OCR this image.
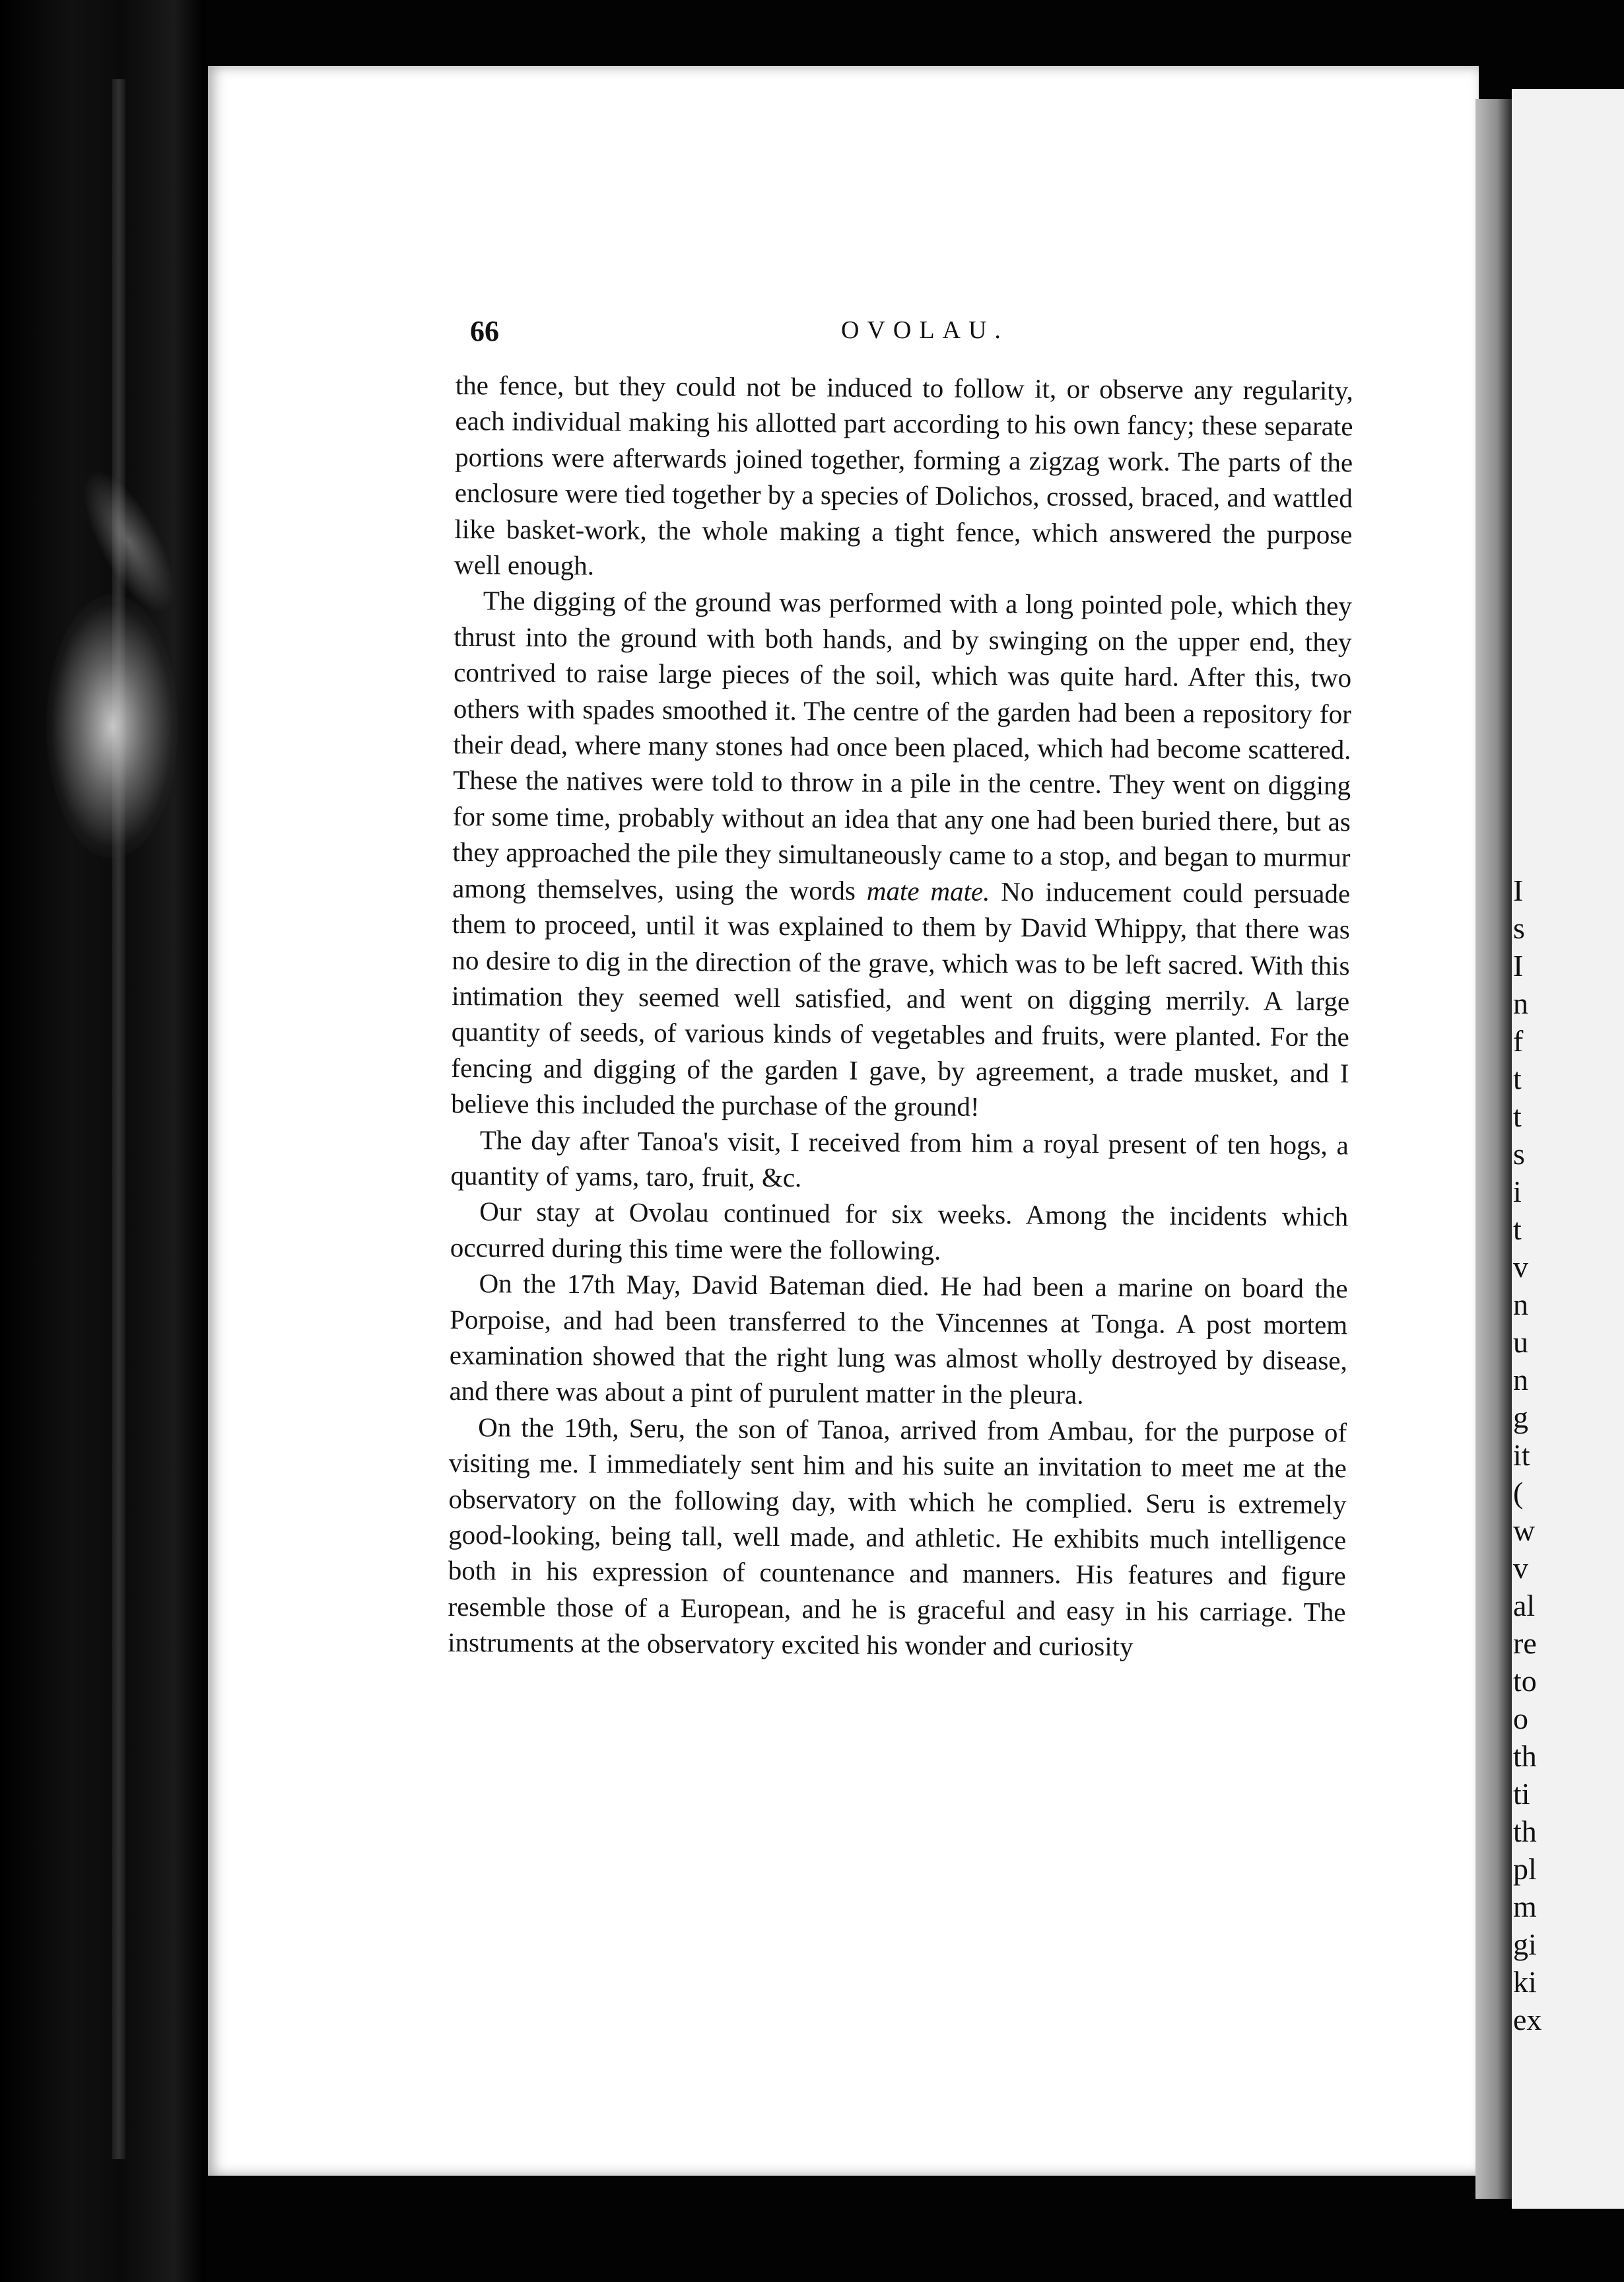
I
s
I
n
f
t
t
s
i
t
v
n
u
n
g
it
(
w
v
al
re
to
o
th
ti
th
pl
m
gi
ki
ex
66	OVOLAU.

the fence, but they could not be induced to follow it, or observe any regularity, each individual making his allotted part according to his own fancy; these separate portions were afterwards joined together, forming a zigzag work. The parts of the enclosure were tied together by a species of Dolichos, crossed, braced, and wattled like basket-work, the whole making a tight fence, which answered the purpose well enough.

The digging of the ground was performed with a long pointed pole, which they thrust into the ground with both hands, and by swinging on the upper end, they contrived to raise large pieces of the soil, which was quite hard. After this, two others with spades smoothed it. The centre of the garden had been a repository for their dead, where many stones had once been placed, which had become scattered. These the natives were told to throw in a pile in the centre. They went on digging for some time, probably without an idea that any one had been buried there, but as they approached the pile they simultaneously came to a stop, and began to murmur among themselves, using the words mate mate. No inducement could persuade them to proceed, until it was explained to them by David Whippy, that there was no desire to dig in the direction of the grave, which was to be left sacred. With this intimation they seemed well satisfied, and went on digging merrily. A large quantity of seeds, of various kinds of vegetables and fruits, were planted. For the fencing and digging of the garden I gave, by agreement, a trade musket, and I believe this included the purchase of the ground!

The day after Tanoa's visit, I received from him a royal present of ten hogs, a quantity of yams, taro, fruit, &c.

Our stay at Ovolau continued for six weeks. Among the incidents which occurred during this time were the following.

On the 17th May, David Bateman died. He had been a marine on board the Porpoise, and had been transferred to the Vincennes at Tonga. A post mortem examination showed that the right lung was almost wholly destroyed by disease, and there was about a pint of purulent matter in the pleura.

On the 19th, Seru, the son of Tanoa, arrived from Ambau, for the purpose of visiting me. I immediately sent him and his suite an invitation to meet me at the observatory on the following day, with which he complied. Seru is extremely good-looking, being tall, well made, and athletic. He exhibits much intelligence both in his expression of countenance and manners. His features and figure resemble those of a European, and he is graceful and easy in his carriage. The instruments at the observatory excited his wonder and curiosity
